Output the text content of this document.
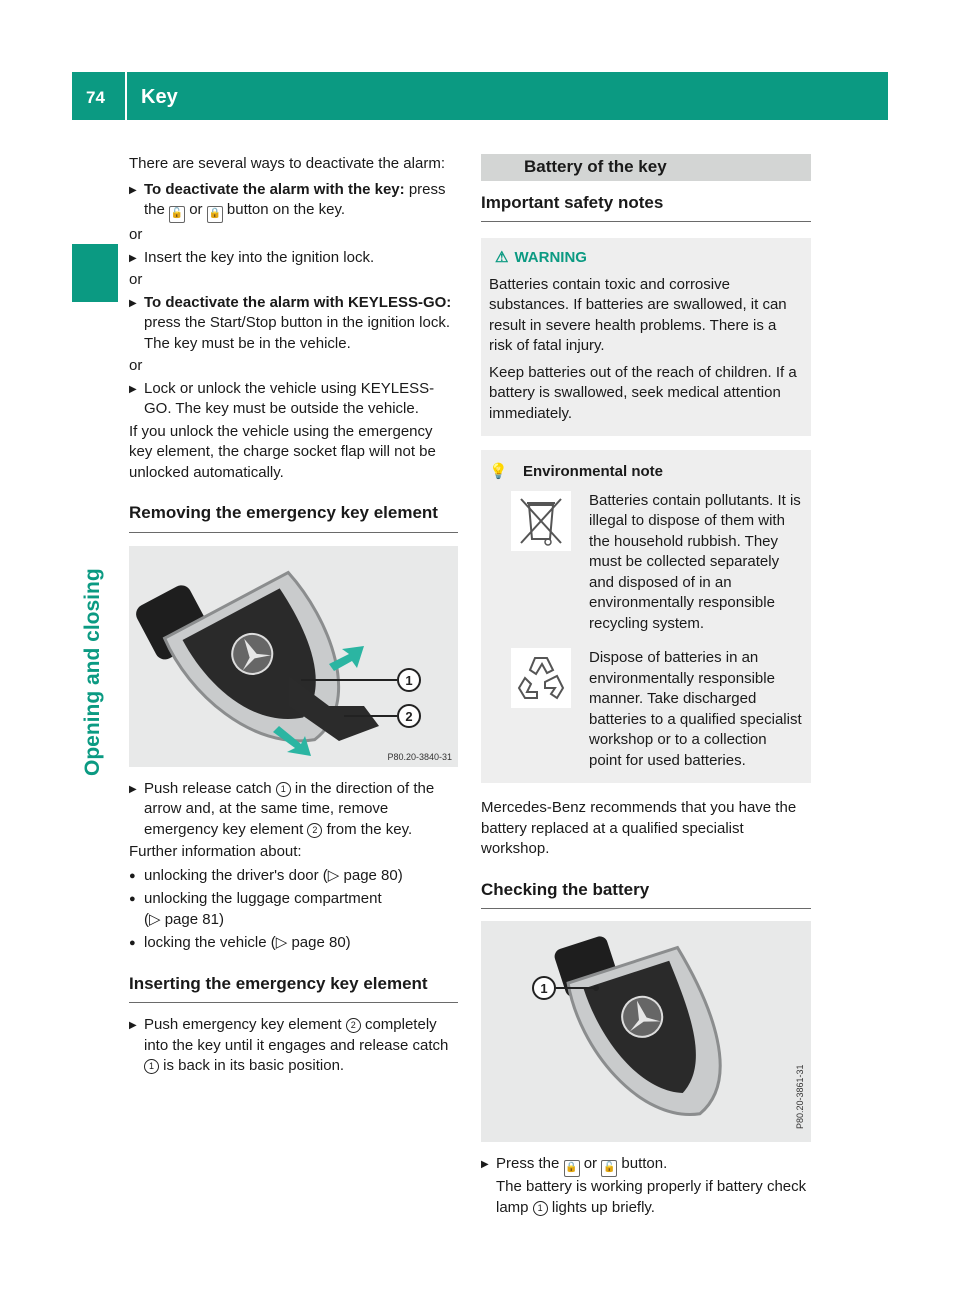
74 Key
Opening and closing

There are several ways to deactivate the alarm:

▶ To deactivate the alarm with the key: press the 🔓 or 🔒 button on the key.

or

▶ Insert the key into the ignition lock.

or

▶ To deactivate the alarm with KEYLESS-GO: press the Start/Stop button in the ignition lock. The key must be in the vehicle.

or

▶ Lock or unlock the vehicle using KEYLESS-GO. The key must be outside the vehicle.

If you unlock the vehicle using the emergency key element, the charge socket flap will not be unlocked automatically.

Removing the emergency key element
1
2
P80.20-3840-31
▶ Push release catch 1 in the direction of the arrow and, at the same time, remove emergency key element 2 from the key.

Further information about:

● unlocking the driver's door (▷ page 80)
● unlocking the luggage compartment
(▷ page 81)
● locking the vehicle (▷ page 80)
Inserting the emergency key element
▶ Push emergency key element 2 completely into the key until it engages and release catch 1 is back in its basic position.
Battery of the key
Important safety notes
⚠ WARNING

Batteries contain toxic and corrosive substances. If batteries are swallowed, it can result in severe health problems. There is a risk of fatal injury.

Keep batteries out of the reach of children. If a battery is swallowed, seek medical attention immediately.

💡 Environmental note

Batteries contain pollutants. It is illegal to dispose of them with the household rubbish. They must be collected separately and disposed of in an environmentally responsible recycling system.

Dispose of batteries in an environmentally responsible manner. Take discharged batteries to a qualified specialist workshop or to a collection point for used batteries.

Mercedes-Benz recommends that you have the battery replaced at a qualified specialist workshop.

Checking the battery
1
P80.20-3861-31
▶ Press the 🔒 or 🔓 button.
The battery is working properly if battery check lamp 1 lights up briefly.
